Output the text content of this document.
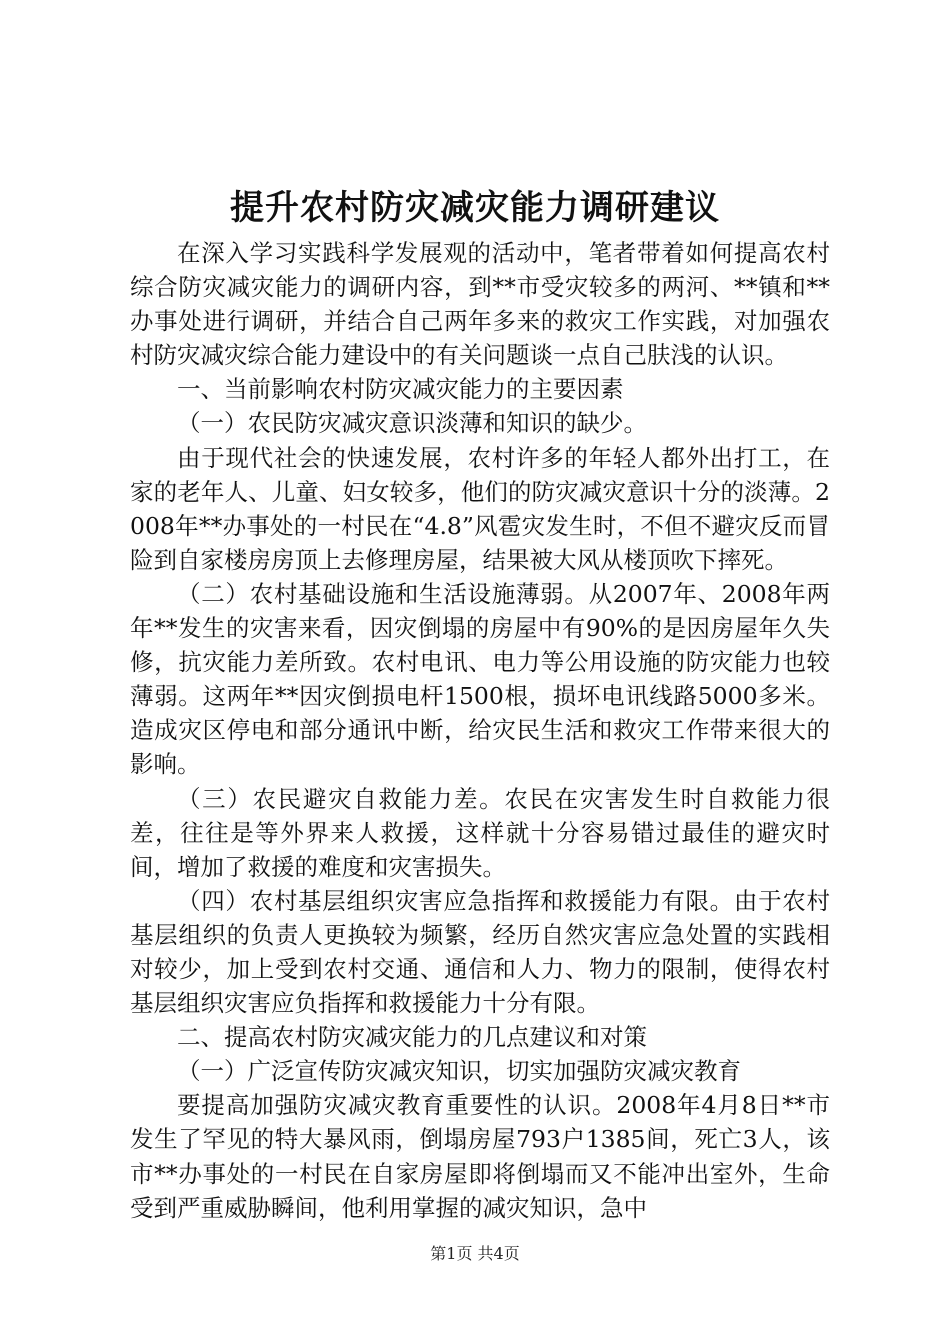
提升农村防灾减灾能力调研建议

在深入学习实践科学发展观的活动中，笔者带着如何提高农村综合防灾减灾能力的调研内容，到**市受灾较多的两河、**镇和**办事处进行调研，并结合自己两年多来的救灾工作实践，对加强农村防灾减灾综合能力建设中的有关问题谈一点自己肤浅的认识。

一、当前影响农村防灾减灾能力的主要因素

（一）农民防灾减灾意识淡薄和知识的缺少。

由于现代社会的快速发展，农村许多的年轻人都外出打工，在家的老年人、儿童、妇女较多，他们的防灾减灾意识十分的淡薄。2008年**办事处的一村民在“4.8”风雹灾发生时，不但不避灾反而冒险到自家楼房房顶上去修理房屋，结果被大风从楼顶吹下摔死。

（二）农村基础设施和生活设施薄弱。从2007年、2008年两年**发生的灾害来看，因灾倒塌的房屋中有90%的是因房屋年久失修，抗灾能力差所致。农村电讯、电力等公用设施的防灾能力也较薄弱。这两年**因灾倒损电杆1500根，损坏电讯线路5000多米。造成灾区停电和部分通讯中断，给灾民生活和救灾工作带来很大的影响。

（三）农民避灾自救能力差。农民在灾害发生时自救能力很差，往往是等外界来人救援，这样就十分容易错过最佳的避灾时间，增加了救援的难度和灾害损失。

（四）农村基层组织灾害应急指挥和救援能力有限。由于农村基层组织的负责人更换较为频繁，经历自然灾害应急处置的实践相对较少，加上受到农村交通、通信和人力、物力的限制，使得农村基层组织灾害应负指挥和救援能力十分有限。

二、提高农村防灾减灾能力的几点建议和对策

（一）广泛宣传防灾减灾知识，切实加强防灾减灾教育

要提高加强防灾减灾教育重要性的认识。2008年4月8日**市发生了罕见的特大暴风雨，倒塌房屋793户1385间，死亡3人，该市**办事处的一村民在自家房屋即将倒塌而又不能冲出室外，生命受到严重威胁瞬间，他利用掌握的减灾知识，急中

第1页 共4页
